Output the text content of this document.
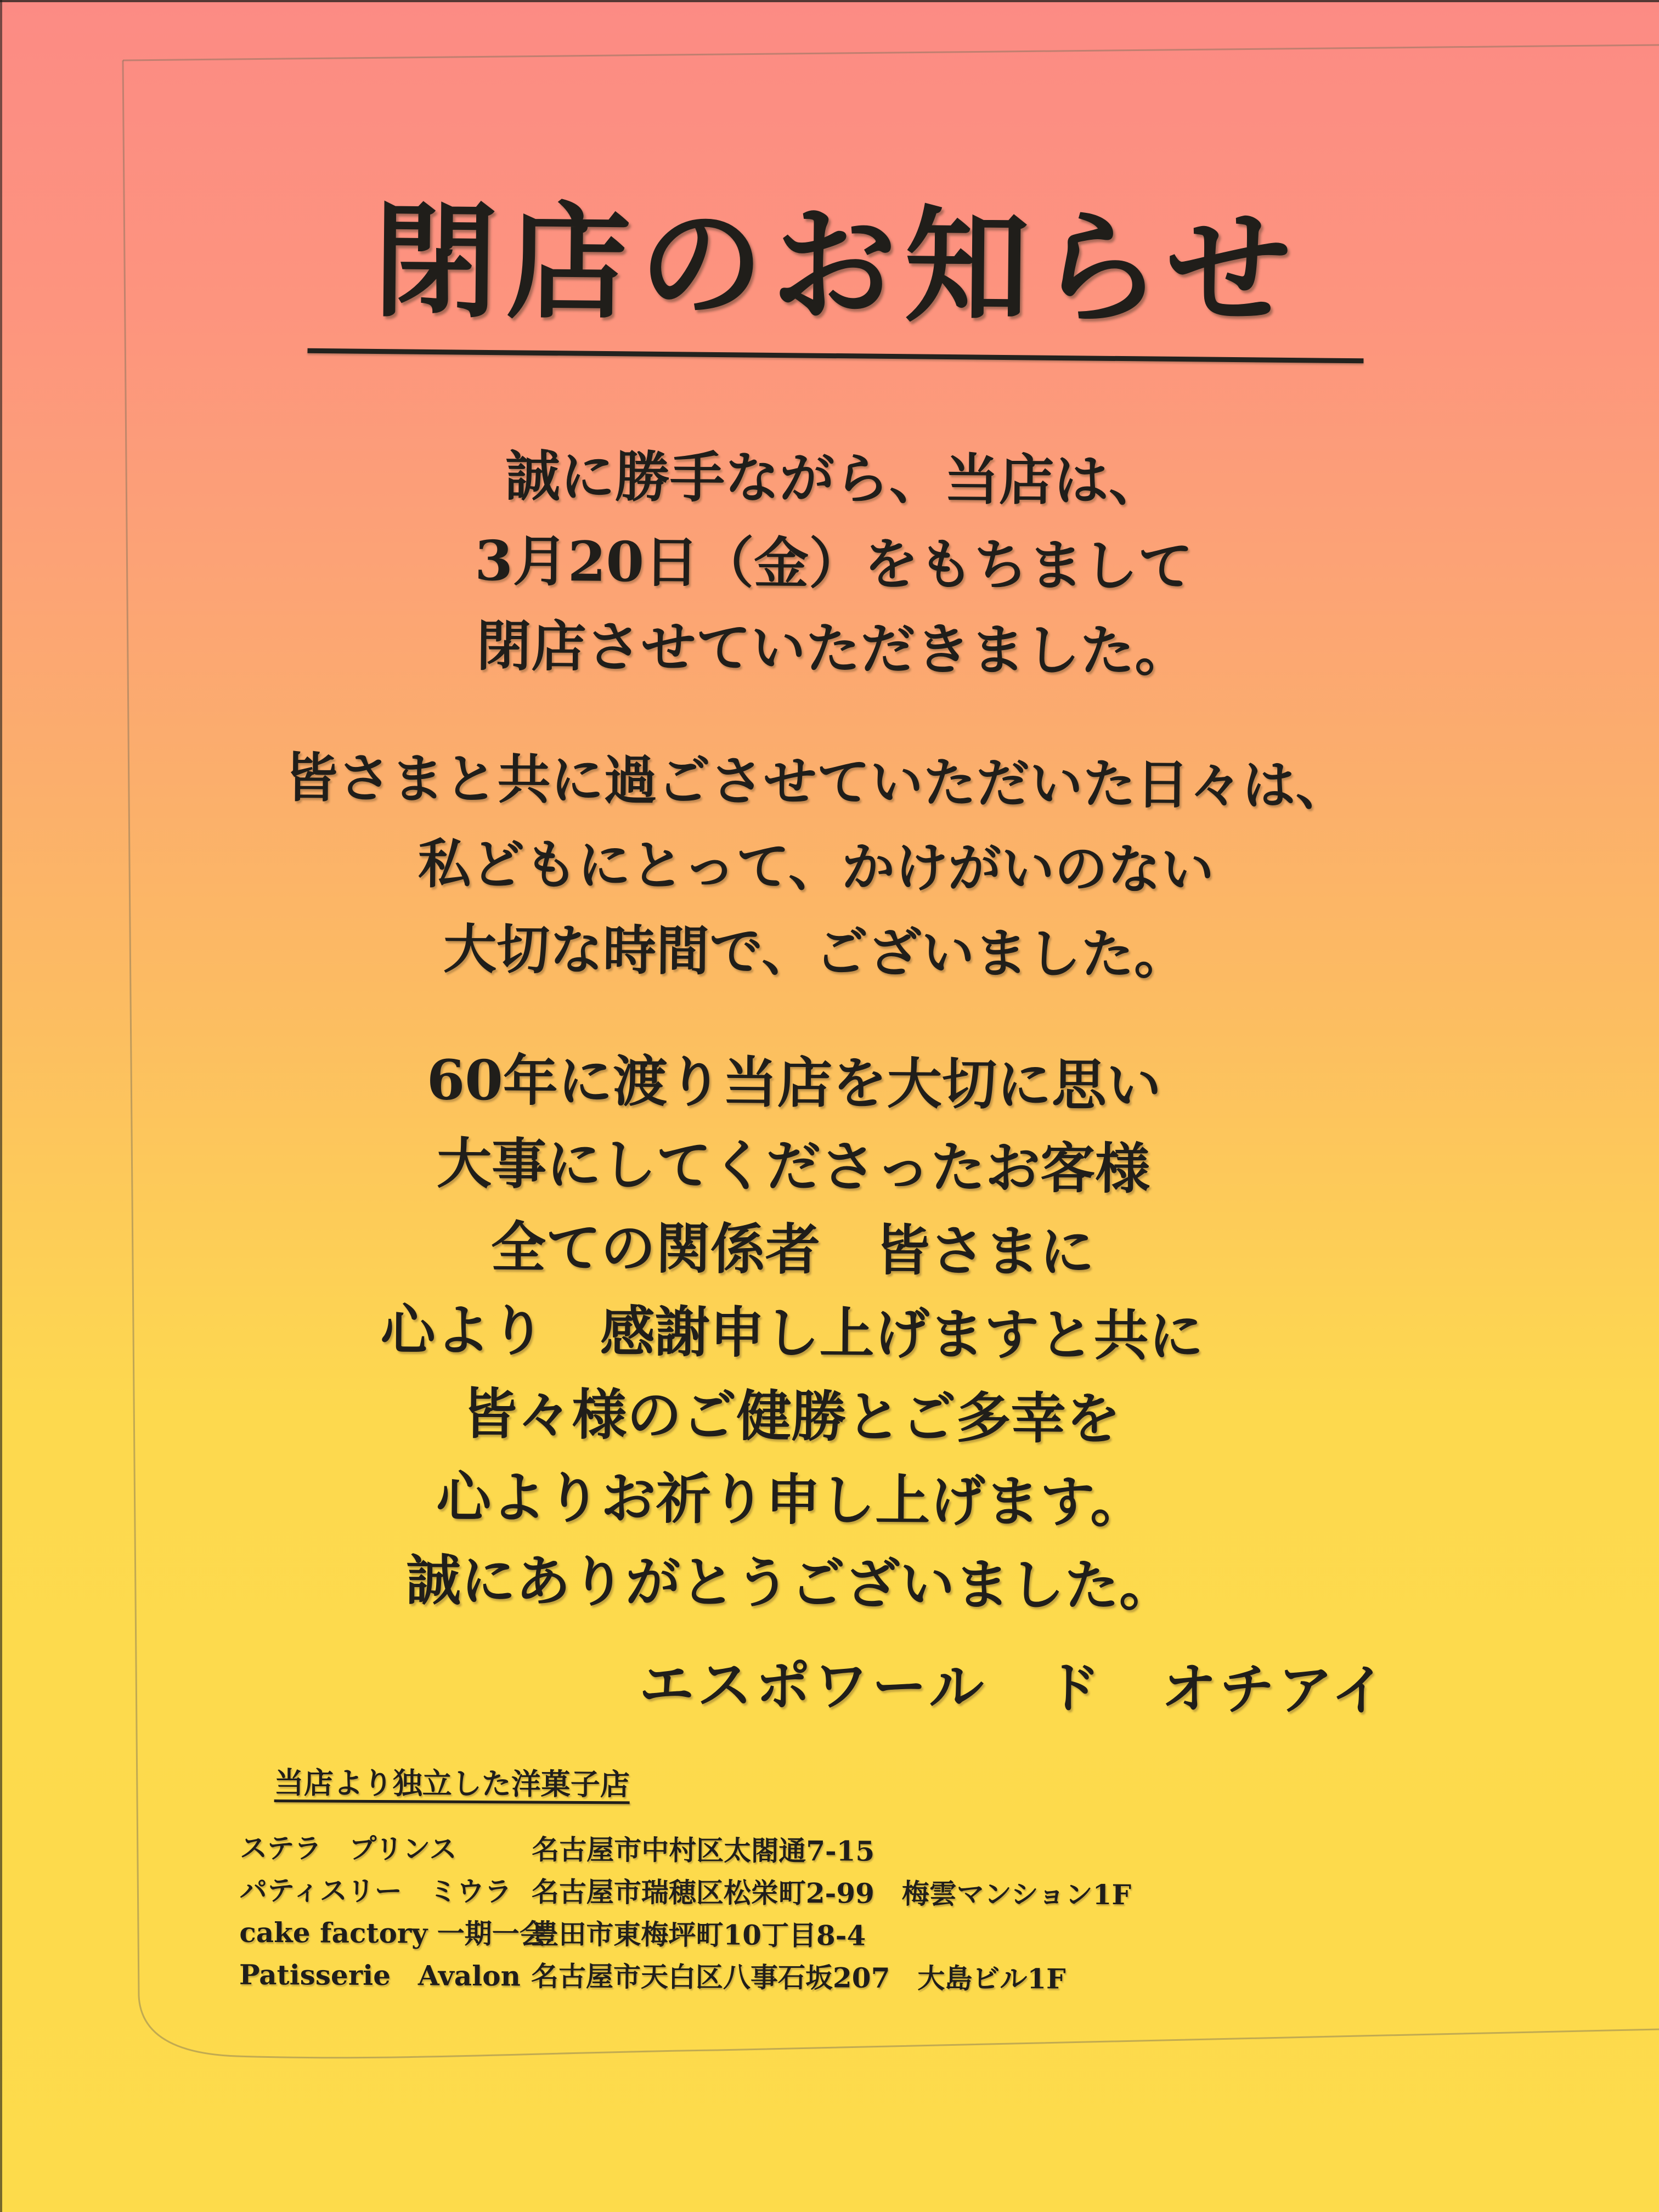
閉店のお知らせ
誠に勝手ながら、当店は、
3月20日（金）をもちまして
閉店させていただきました。
皆さまと共に過ごさせていただいた日々は、
私どもにとって、かけがいのない
大切な時間で、ございました。
60年に渡り当店を大切に思い
大事にしてくださったお客様
全ての関係者　皆さまに
心より　感謝申し上げますと共に
皆々様のご健勝とご多幸を
心よりお祈り申し上げます。
誠にありがとうございました。
エスポワール　ド　オチアイ

当店より独立した洋菓子店

ステラ　プリンス	名古屋市中村区太閤通7-15
パティスリー　ミウラ 名古屋市瑞穂区松栄町2-99　梅雲マンション1F
cake factory 一期一会
豊田市東梅坪町10丁目8-4
Patisserie　Avalon 名古屋市天白区八事石坂207　大島ビル1F
